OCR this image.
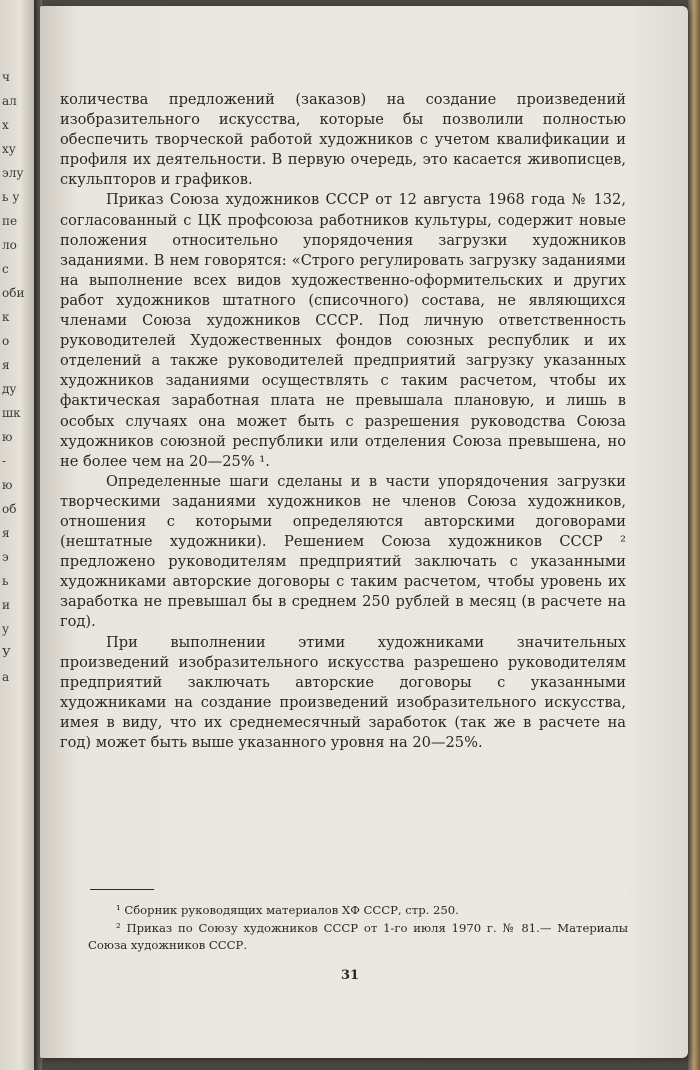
ч
ал
х
ху
элу
ь у
пе
ло
с
оби
к
о
я
ду
шк
ю
-
ю
об
я
э
ь
и
у
У
а

количества предложений (заказов) на создание произведений изобразительного искусства, которые бы позволили полностью обеспечить творческой работой художников с учетом квалификации и профиля их деятельности. В первую очередь, это касается живописцев, скульпторов и графиков.

Приказ Союза художников СССР от 12 августа 1968 года № 132, согласованный с ЦК профсоюза работников культуры, содержит новые положения относительно упорядочения загрузки художников заданиями. В нем говорятся: «Строго регулировать загрузку заданиями на выполнение всех видов художественно-оформительских и других работ художников штатного (списочного) состава, не являющихся членами Союза художников СССР. Под личную ответственность руководителей Художественных фондов союзных республик и их отделений а также руководителей предприятий загрузку указанных художников заданиями осуществлять с таким расчетом, чтобы их фактическая заработная плата не превышала плановую, и лишь в особых случаях она может быть с разрешения руководства Союза художников союзной республики или отделения Союза превышена, но не более чем на 20—25% ¹.

Определенные шаги сделаны и в части упорядочения загрузки творческими заданиями художников не членов Союза художников, отношения с которыми определяются авторскими договорами (нештатные художники). Решением Союза художников СССР ² предложено руководителям предприятий заключать с указанными художниками авторские договоры с таким расчетом, чтобы уровень их заработка не превышал бы в среднем 250 рублей в месяц (в расчете на год).

При выполнении этими художниками значительных произведений изобразительного искусства разрешено руководителям предприятий заключать авторские договоры с указанными художниками на создание произведений изобразительного искусства, имея в виду, что их среднемесячный заработок (так же в расчете на год) может быть выше указанного уровня на 20—25%.

¹ Сборник руководящих материалов ХФ СССР, стр. 250.

² Приказ по Союзу художников СССР от 1-го июля 1970 г. № 81.— Материалы Союза художников СССР.

31
